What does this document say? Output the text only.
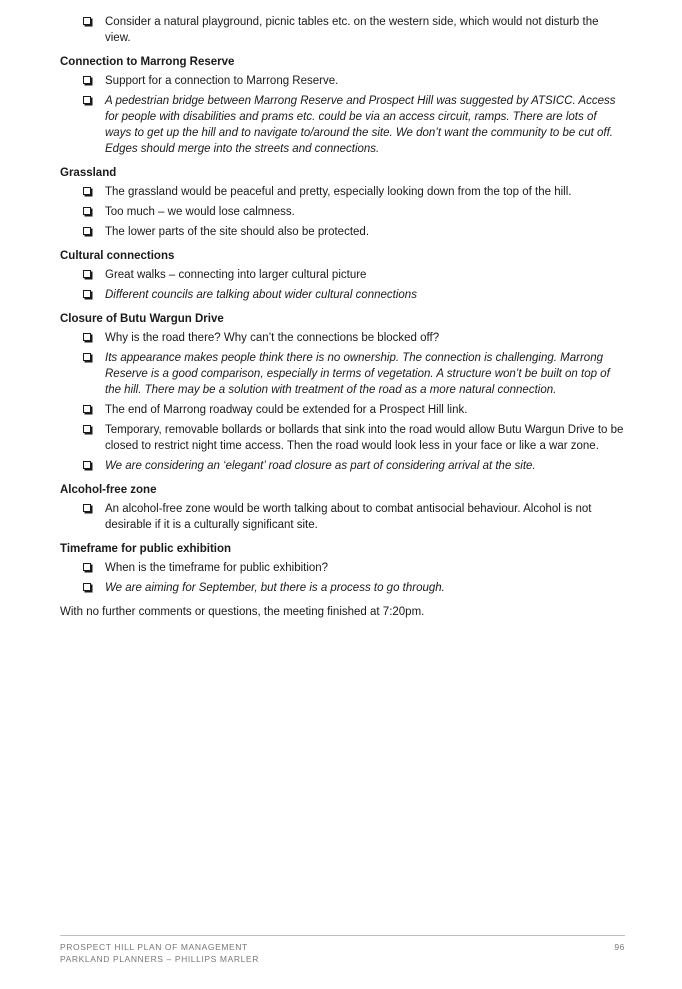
Consider a natural playground, picnic tables etc. on the western side, which would not disturb the view.

Connection to Marrong Reserve

Support for a connection to Marrong Reserve.
A pedestrian bridge between Marrong Reserve and Prospect Hill was suggested by ATSICC. Access for people with disabilities and prams etc. could be via an access circuit, ramps. There are lots of ways to get up the hill and to navigate to/around the site. We don’t want the community to be cut off. Edges should merge into the streets and connections.

Grassland

The grassland would be peaceful and pretty, especially looking down from the top of the hill.
Too much – we would lose calmness.
The lower parts of the site should also be protected.

Cultural connections

Great walks – connecting into larger cultural picture
Different councils are talking about wider cultural connections

Closure of Butu Wargun Drive

Why is the road there? Why can’t the connections be blocked off?
Its appearance makes people think there is no ownership. The connection is challenging. Marrong Reserve is a good comparison, especially in terms of vegetation. A structure won’t be built on top of the hill. There may be a solution with treatment of the road as a more natural connection.
The end of Marrong roadway could be extended for a Prospect Hill link.
Temporary, removable bollards or bollards that sink into the road would allow Butu Wargun Drive to be closed to restrict night time access. Then the road would look less in your face or like a war zone.
We are considering an ‘elegant’ road closure as part of considering arrival at the site.

Alcohol-free zone

An alcohol-free zone would be worth talking about to combat antisocial behaviour. Alcohol is not desirable if it is a culturally significant site.

Timeframe for public exhibition

When is the timeframe for public exhibition?
We are aiming for September, but there is a process to go through.

With no further comments or questions, the meeting finished at 7:20pm.

PROSPECT HILL PLAN OF MANAGEMENT
PARKLAND PLANNERS – PHILLIPS MARLER
96
